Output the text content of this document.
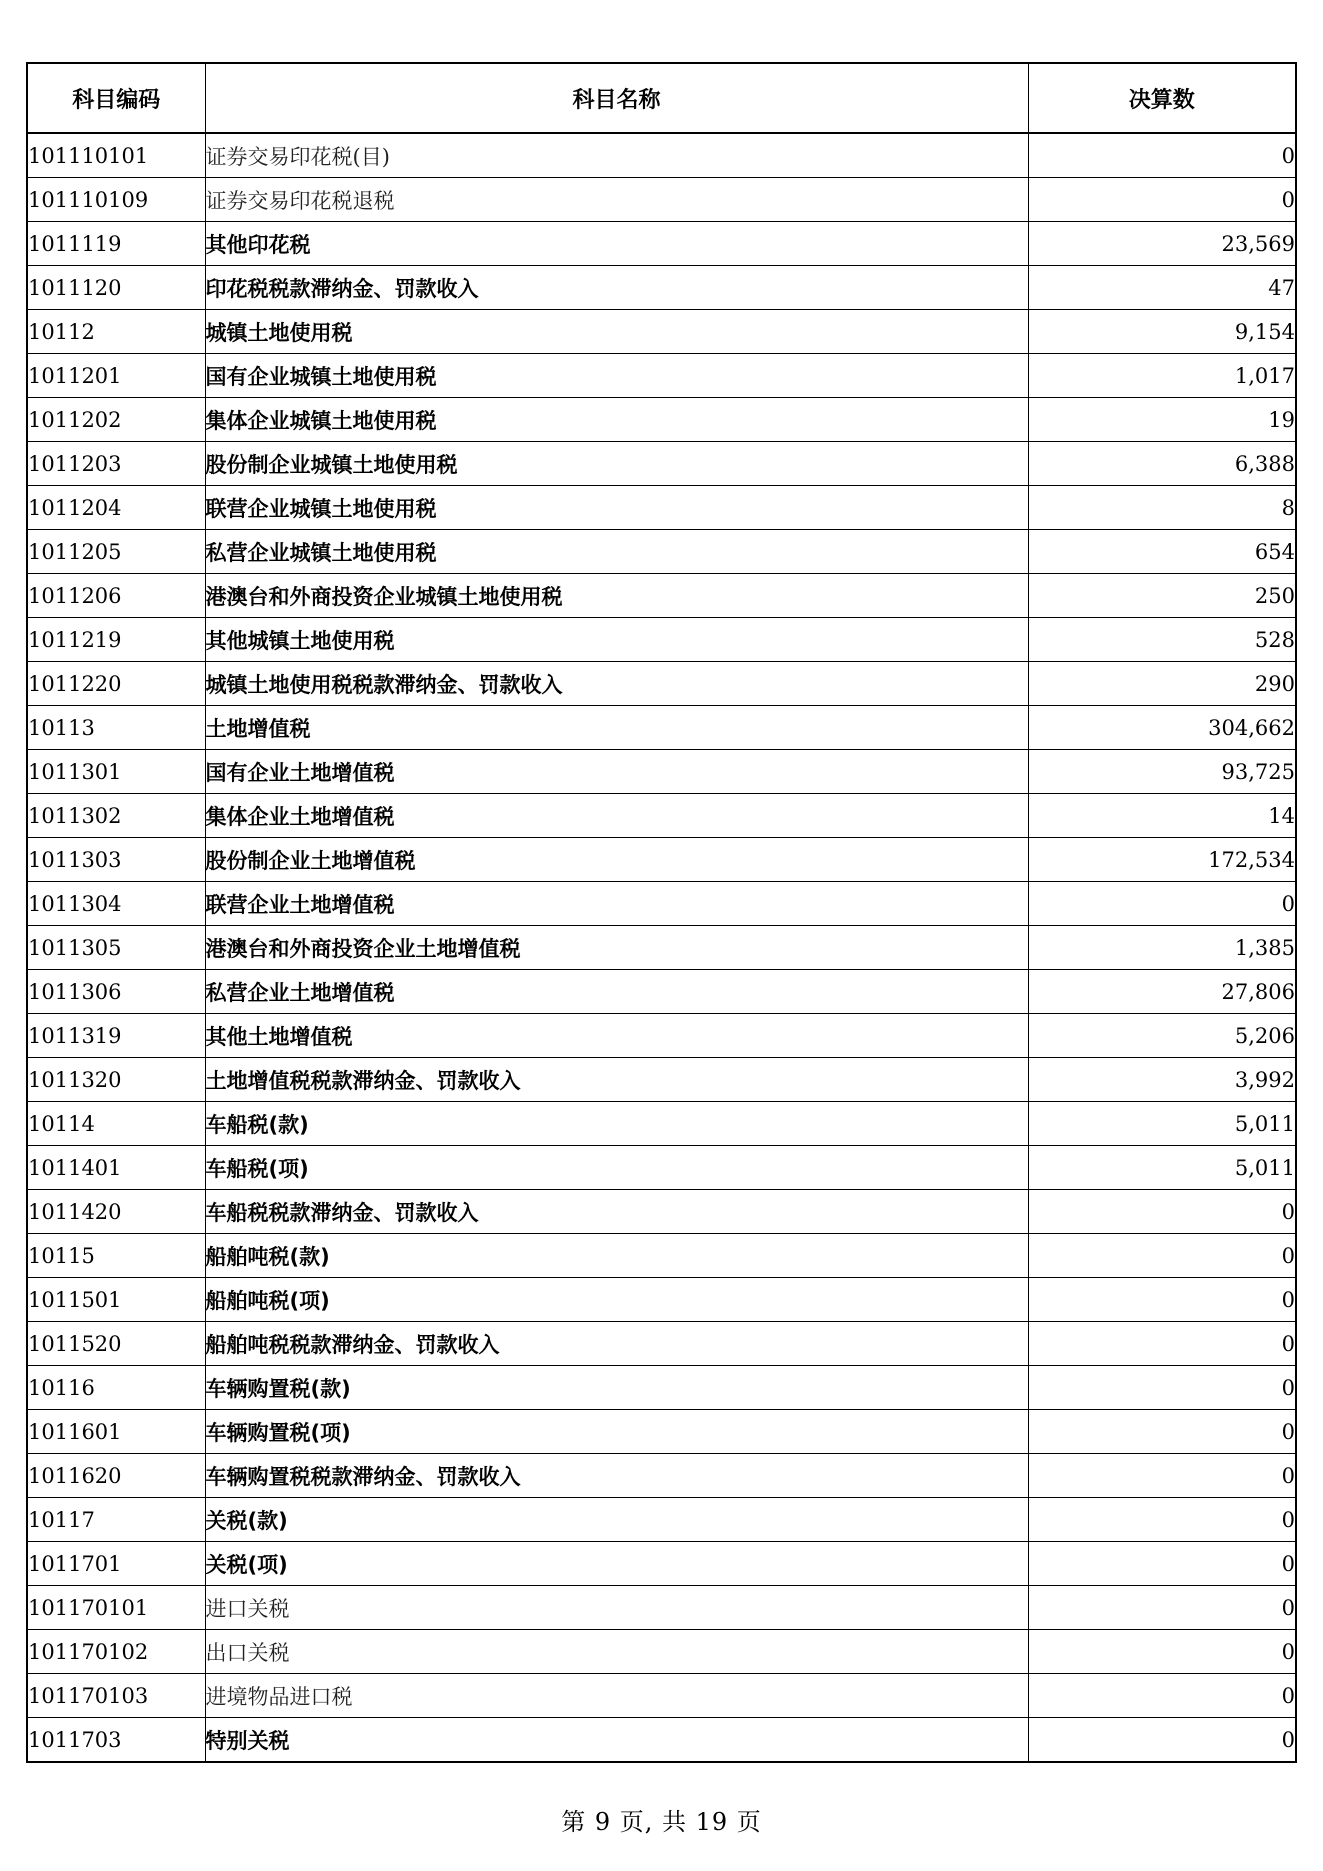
科目编码	科目名称	决算数
101110101	证券交易印花税(目)	0
101110109	证券交易印花税退税	0
1011119	其他印花税	23,569
1011120	印花税税款滞纳金、罚款收入	47
10112	城镇土地使用税	9,154
1011201	国有企业城镇土地使用税	1,017
1011202	集体企业城镇土地使用税	19
1011203	股份制企业城镇土地使用税	6,388
1011204	联营企业城镇土地使用税	8
1011205	私营企业城镇土地使用税	654
1011206	港澳台和外商投资企业城镇土地使用税	250
1011219	其他城镇土地使用税	528
1011220	城镇土地使用税税款滞纳金、罚款收入	290
10113	土地增值税	304,662
1011301	国有企业土地增值税	93,725
1011302	集体企业土地增值税	14
1011303	股份制企业土地增值税	172,534
1011304	联营企业土地增值税	0
1011305	港澳台和外商投资企业土地增值税	1,385
1011306	私营企业土地增值税	27,806
1011319	其他土地增值税	5,206
1011320	土地增值税税款滞纳金、罚款收入	3,992
10114	车船税(款)	5,011
1011401	车船税(项)	5,011
1011420	车船税税款滞纳金、罚款收入	0
10115	船舶吨税(款)	0
1011501	船舶吨税(项)	0
1011520	船舶吨税税款滞纳金、罚款收入	0
10116	车辆购置税(款)	0
1011601	车辆购置税(项)	0
1011620	车辆购置税税款滞纳金、罚款收入	0
10117	关税(款)	0
1011701	关税(项)	0
101170101	进口关税	0
101170102	出口关税	0
101170103	进境物品进口税	0
1011703	特别关税	0
第 9 页, 共 19 页
